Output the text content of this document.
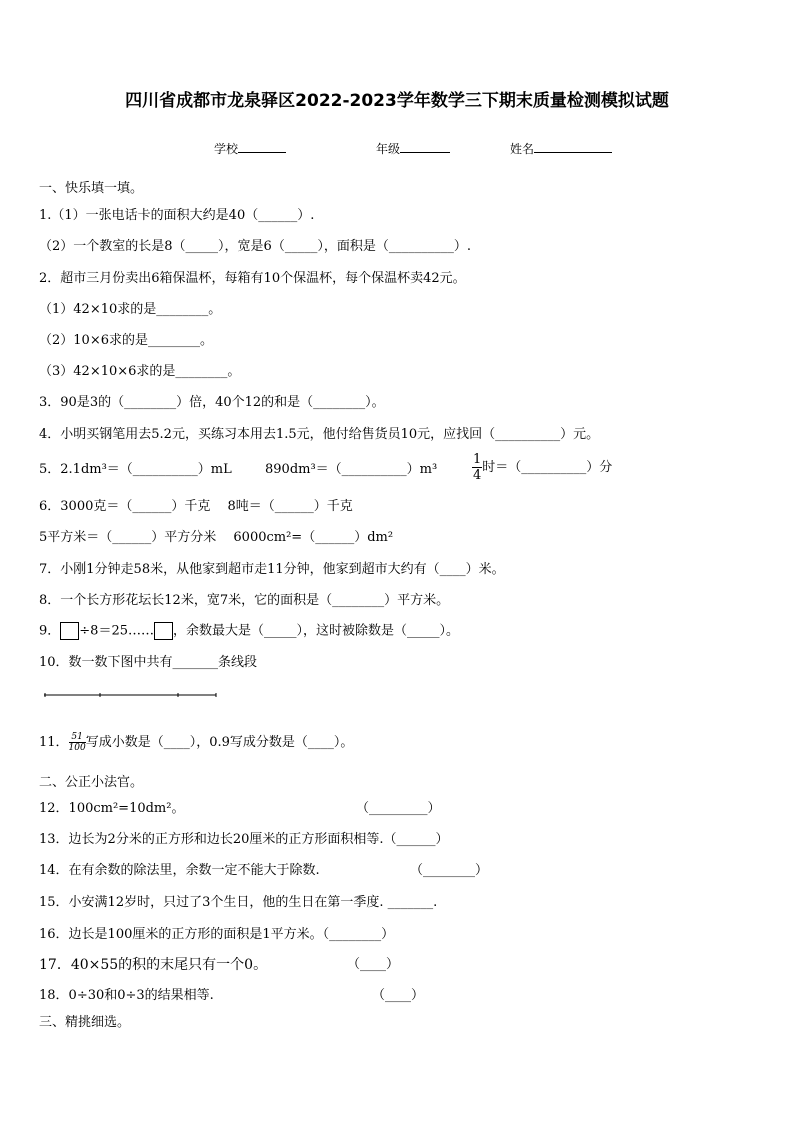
四川省成都市龙泉驿区2022-2023学年数学三下期末质量检测模拟试题
学校	年级	姓名
一、快乐填一填。
1.（1）一张电话卡的面积大约是40（______）.
（2）一个教室的长是8（_____），宽是6（_____），面积是（__________）.
2．超市三月份卖出6箱保温杯，每箱有10个保温杯，每个保温杯卖42元。
（1）42×10求的是________。
（2）10×6求的是________。
（3）42×10×6求的是________。
3．90是3的（________）倍，40个12的和是（________）。
4．小明买钢笔用去5.2元，买练习本用去1.5元，他付给售货员10元，应找回（__________）元。
5．2.1dm³＝（__________）mL	890dm³＝（__________）m³	$\frac{1}{4}$ 时＝（__________）分
6．3000克＝（______）千克　 8吨＝（______）千克
5平方米＝（______）平方分米　 6000cm²=（______）dm²
7．小刚1分钟走58米，从他家到超市走11分钟，他家到超市大约有（____）米。
8．一个长方形花坛长12米，宽7米，它的面积是（________）平方米。
9． ÷8＝25…… ，余数最大是（_____），这时被除数是（_____）。
10．数一数下图中共有_______条线段
11． $\frac{51}{100}$ 写成小数是（____），0.9写成分数是（____）。
二、公正小法官。
12．100cm²=10dm²。	（_________）
13．边长为2分米的正方形和边长20厘米的正方形面积相等.（______）
14．在有余数的除法里，余数一定不能大于除数.	（________）
15．小安满12岁时，只过了3个生日，他的生日在第一季度. _______.
16．边长是100厘米的正方形的面积是1平方米。（________）
17．40×55的积的末尾只有一个0。	（____）
18．0÷30和0÷3的结果相等.	（____）
三、精挑细选。
